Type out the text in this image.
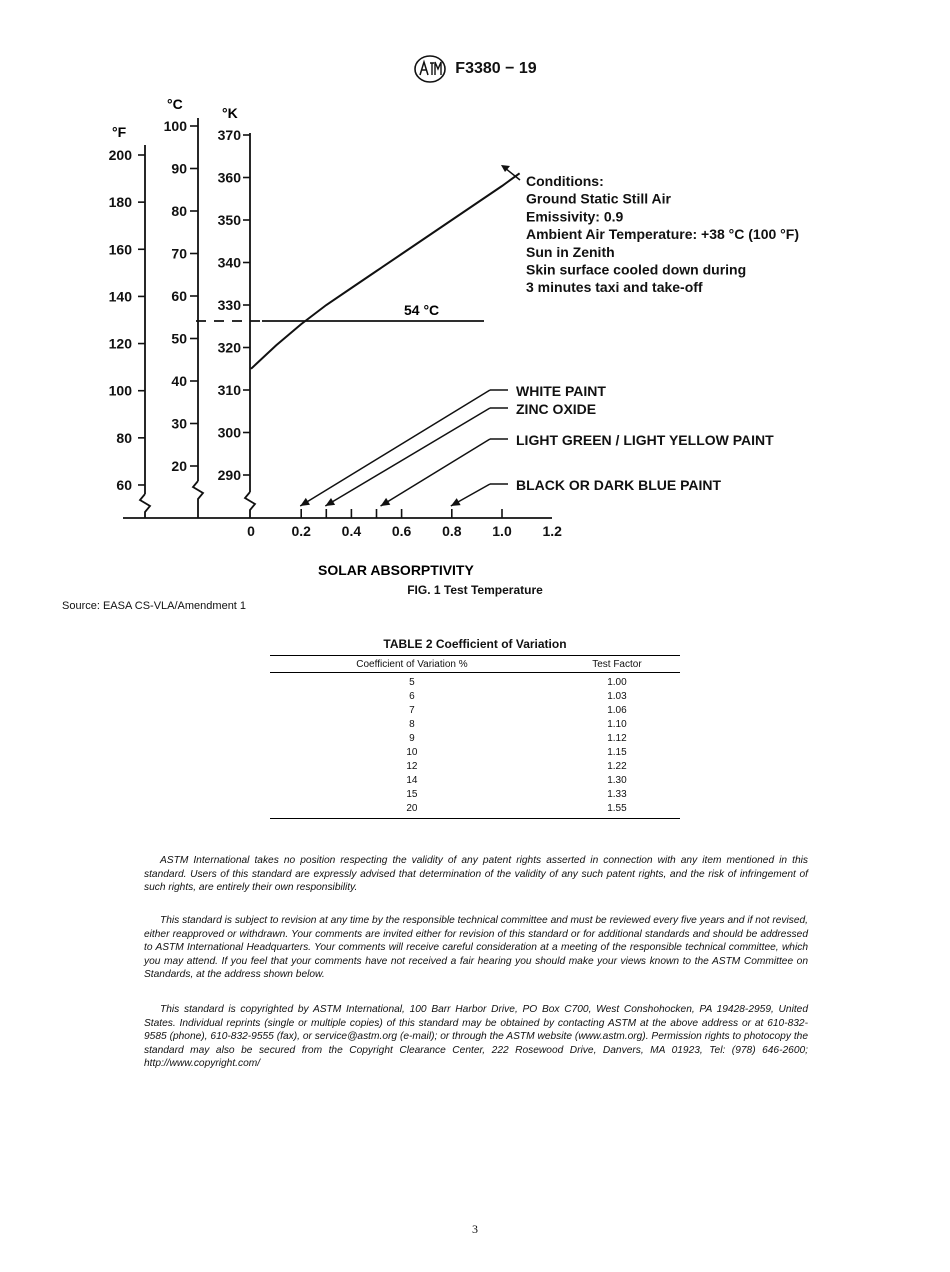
F3380 − 19
200
180
160
140
120
100
80
60
100
90
80
70
60
50
40
30
20
370
360
350
340
330
320
310
300
290
0	0.2 0.4 0.6 0.8 1.0 1.2
°F
°C
°K
54 °C
Conditions:
Ground Static Still Air
Emissivity: 0.9
Ambient Air Temperature: +38 °C (100 °F)
Sun in Zenith
Skin surface cooled down during
3 minutes taxi and take-off
WHITE PAINT
ZINC OXIDE
LIGHT GREEN / LIGHT YELLOW PAINT
BLACK OR DARK BLUE PAINT
SOLAR ABSORPTIVITY
FIG. 1 Test Temperature
Source: EASA CS-VLA/Amendment 1
TABLE 2 Coefficient of Variation
Coefficient of Variation %	Test Factor
5	1.00
6	1.03
7	1.06
8	1.10
9	1.12
10	1.15
12	1.22
14	1.30
15	1.33
20	1.55

ASTM International takes no position respecting the validity of any patent rights asserted in connection with any item mentioned in this standard. Users of this standard are expressly advised that determination of the validity of any such patent rights, and the risk of infringement of such rights, are entirely their own responsibility.

This standard is subject to revision at any time by the responsible technical committee and must be reviewed every five years and if not revised, either reapproved or withdrawn. Your comments are invited either for revision of this standard or for additional standards and should be addressed to ASTM International Headquarters. Your comments will receive careful consideration at a meeting of the responsible technical committee, which you may attend. If you feel that your comments have not received a fair hearing you should make your views known to the ASTM Committee on Standards, at the address shown below.

This standard is copyrighted by ASTM International, 100 Barr Harbor Drive, PO Box C700, West Conshohocken, PA 19428-2959, United States. Individual reprints (single or multiple copies) of this standard may be obtained by contacting ASTM at the above address or at 610-832-9585 (phone), 610-832-9555 (fax), or service@astm.org (e-mail); or through the ASTM website (www.astm.org). Permission rights to photocopy the standard may also be secured from the Copyright Clearance Center, 222 Rosewood Drive, Danvers, MA 01923, Tel: (978) 646-2600; http://www.copyright.com/

3
